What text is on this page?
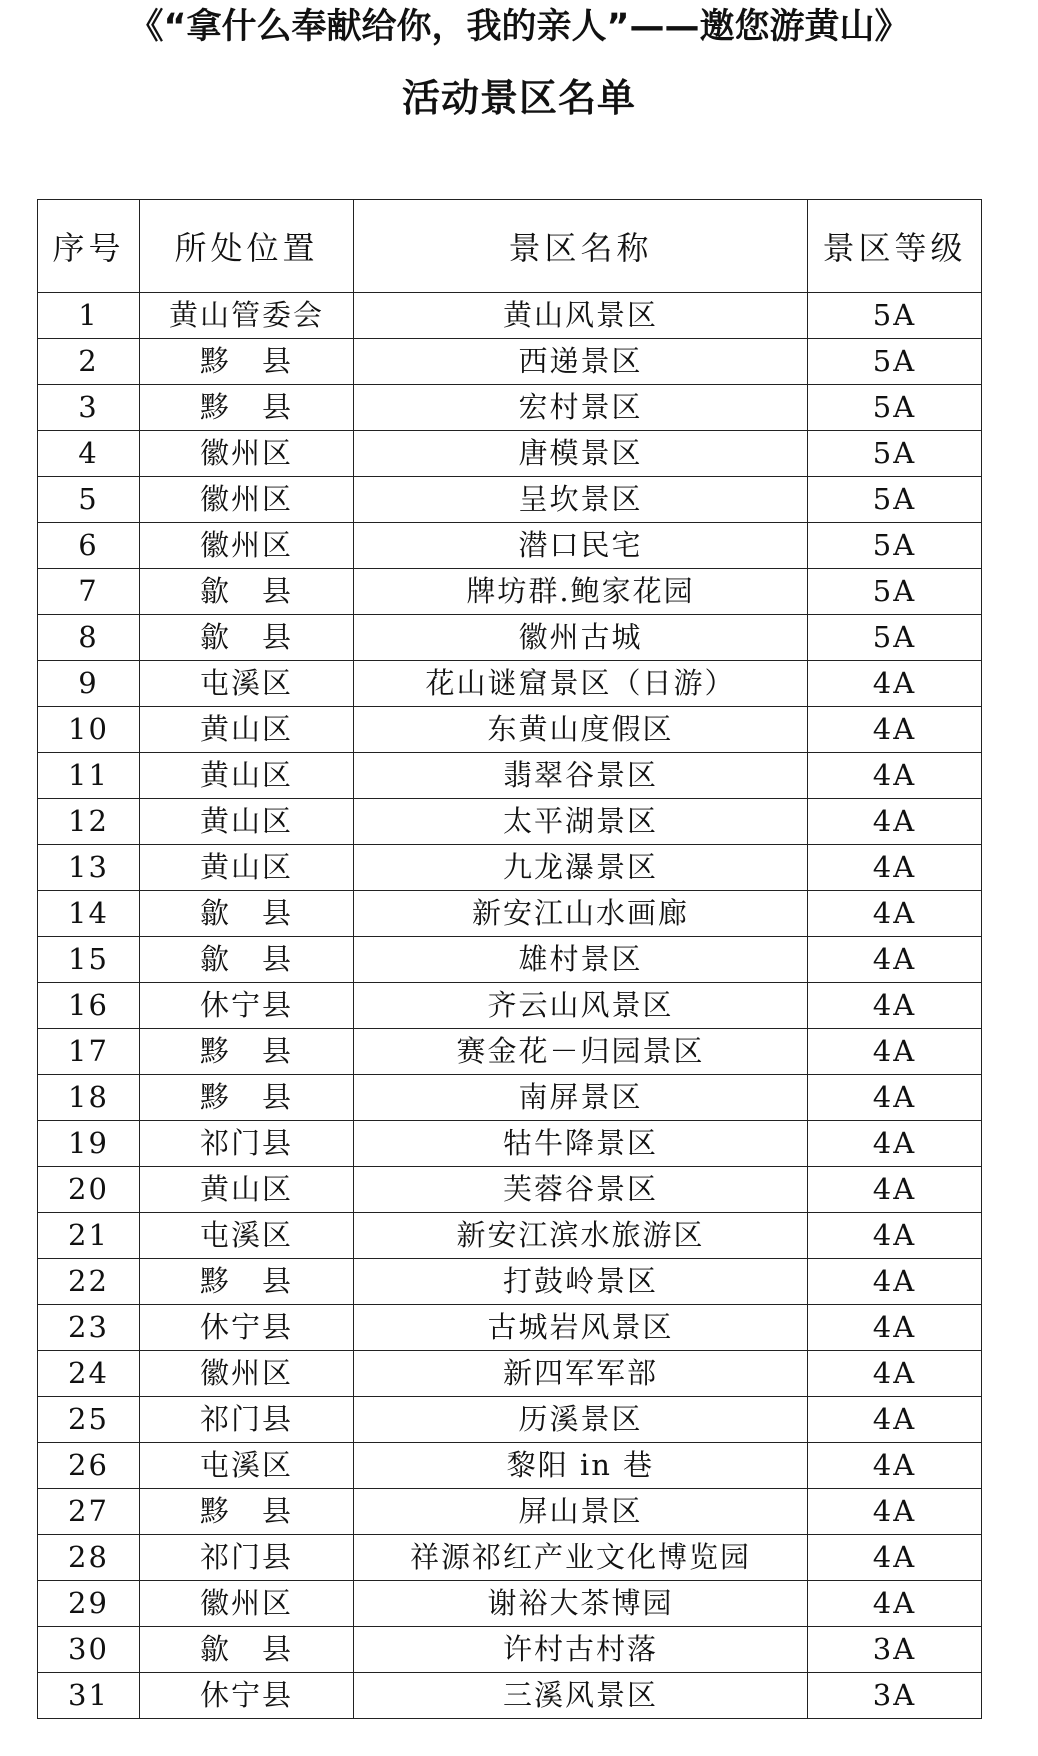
《“拿什么奉献给你，我的亲人”——邀您游黄山》
活动景区名单
序号	所处位置	景区名称	景区等级
1	黄山管委会	黄山风景区	5A
2	黟　县	西递景区	5A
3	黟　县	宏村景区	5A
4	徽州区	唐模景区	5A
5	徽州区	呈坎景区	5A
6	徽州区	潜口民宅	5A
7	歙　县	牌坊群.鲍家花园	5A
8	歙　县	徽州古城	5A
9	屯溪区	花山谜窟景区（日游）	4A
10	黄山区	东黄山度假区	4A
11	黄山区	翡翠谷景区	4A
12	黄山区	太平湖景区	4A
13	黄山区	九龙瀑景区	4A
14	歙　县	新安江山水画廊	4A
15	歙　县	雄村景区	4A
16	休宁县	齐云山风景区	4A
17	黟　县	赛金花－归园景区	4A
18	黟　县	南屏景区	4A
19	祁门县	牯牛降景区	4A
20	黄山区	芙蓉谷景区	4A
21	屯溪区	新安江滨水旅游区	4A
22	黟　县	打鼓岭景区	4A
23	休宁县	古城岩风景区	4A
24	徽州区	新四军军部	4A
25	祁门县	历溪景区	4A
26	屯溪区	黎阳 in 巷	4A
27	黟　县	屏山景区	4A
28	祁门县	祥源祁红产业文化博览园	4A
29	徽州区	谢裕大茶博园	4A
30	歙　县	许村古村落	3A
31	休宁县	三溪风景区	3A
